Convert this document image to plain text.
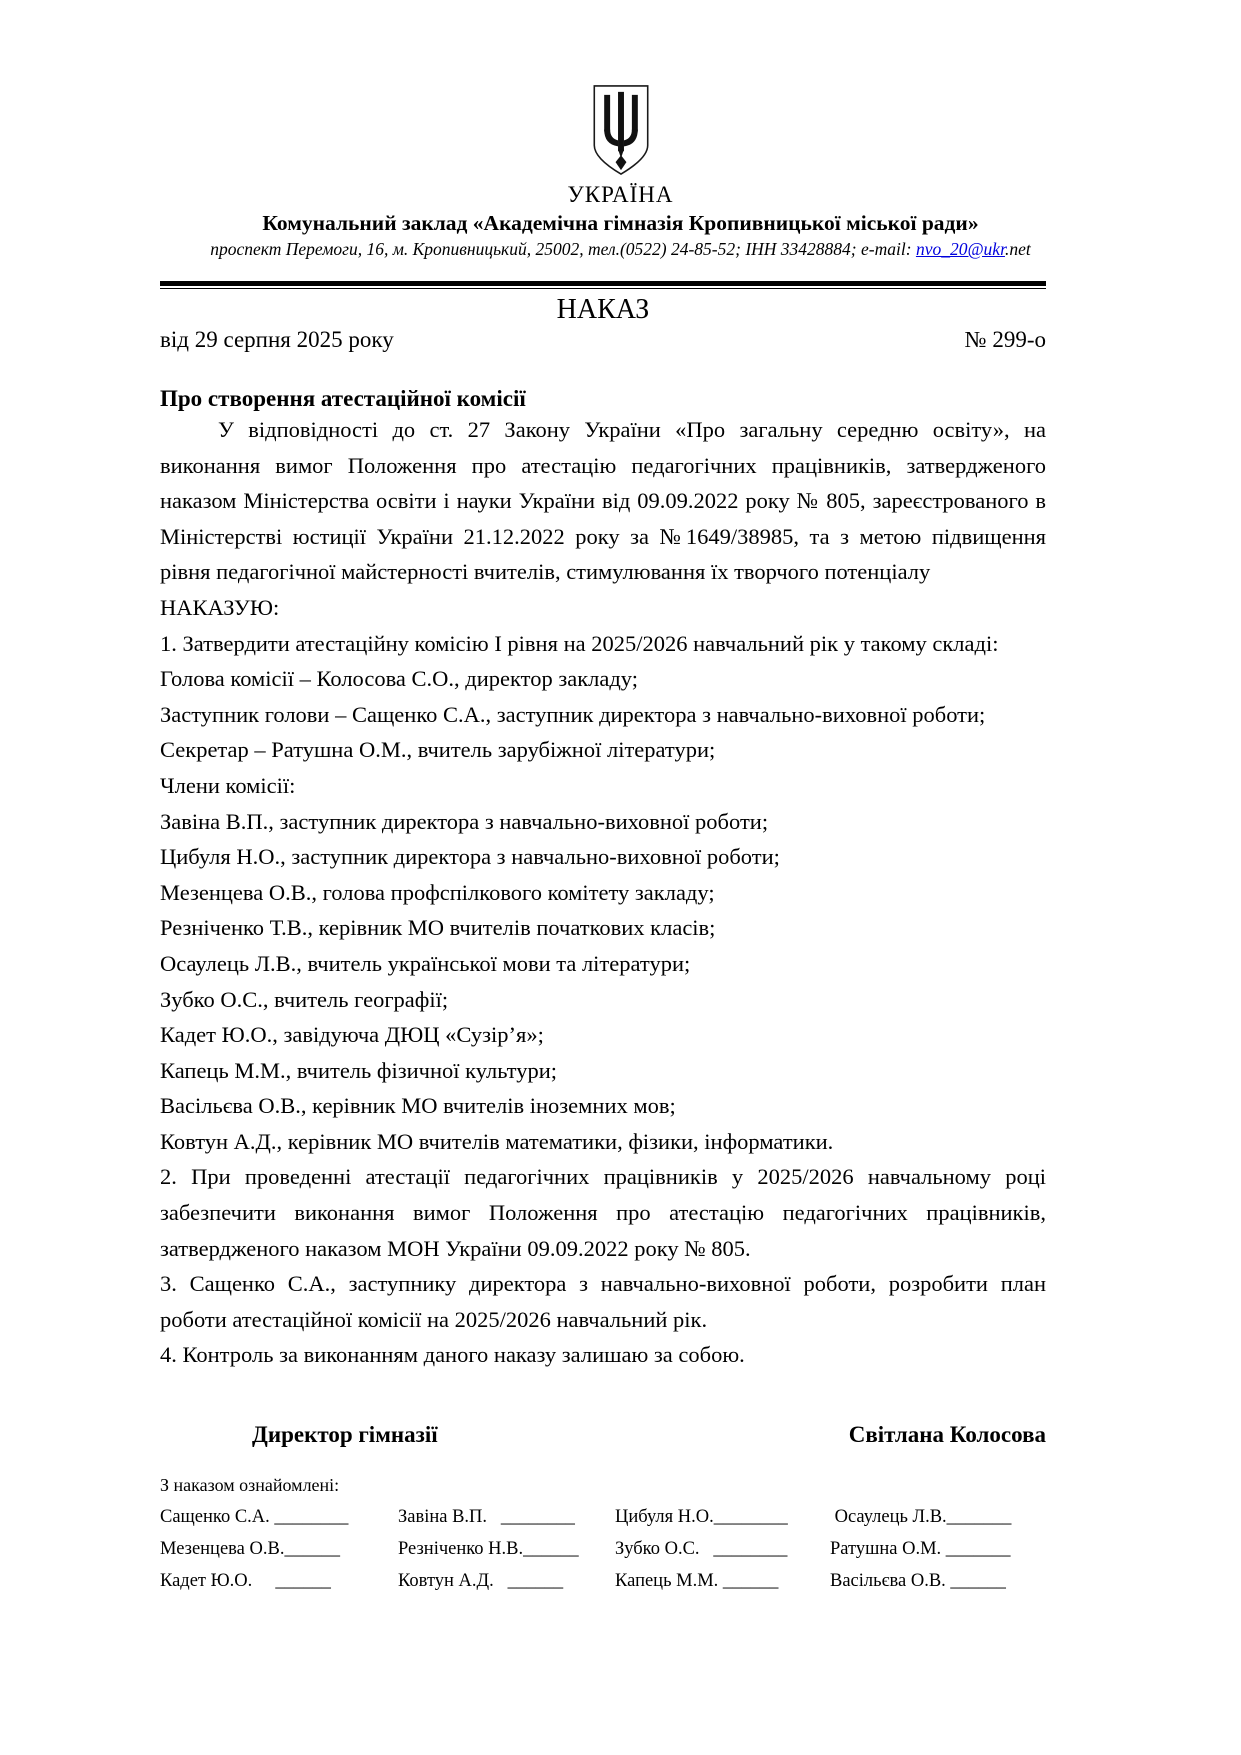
УКРАЇНА
Комунальний заклад «Академічна гімназія Кропивницької міської ради»
проспект Перемоги, 16, м. Кропивницький, 25002, тел.(0522) 24-85-52; ІНН 33428884; e-mail: nvo_20@ukr.net
НАКАЗ
від 29 серпня 2025 року	№ 299-о
Про створення атестаційної комісії

У відповідності до ст. 27 Закону України «Про загальну середню освіту», на виконання вимог Положення про атестацію педагогічних працівників, затвердженого наказом Міністерства освіти і науки України від 09.09.2022 року № 805, зареєстрованого в Міністерстві юстиції України 21.12.2022 року за №1649/38985, та з метою підвищення рівня педагогічної майстерності вчителів, стимулювання їх творчого потенціалу

НАКАЗУЮ:

1. Затвердити атестаційну комісію І рівня на 2025/2026 навчальний рік у такому складі:

Голова комісії – Колосова С.О., директор закладу;

Заступник голови – Сащенко С.А., заступник директора з навчально-виховної роботи;

Секретар – Ратушна О.М., вчитель зарубіжної літератури;

Члени комісії:

Завіна В.П., заступник директора з навчально-виховної роботи;

Цибуля Н.О., заступник директора з навчально-виховної роботи;

Мезенцева О.В., голова профспілкового комітету закладу;

Резніченко Т.В., керівник МО вчителів початкових класів;

Осаулець Л.В., вчитель української мови та літератури;

Зубко О.С., вчитель географії;

Кадет Ю.О., завідуюча ДЮЦ «Сузір’я»;

Капець М.М., вчитель фізичної культури;

Васільєва О.В., керівник МО вчителів іноземних мов;

Ковтун А.Д., керівник МО вчителів математики, фізики, інформатики.

2. При проведенні атестації педагогічних працівників у 2025/2026 навчальному році забезпечити виконання вимог Положення про атестацію педагогічних працівників, затвердженого наказом МОН України 09.09.2022 року № 805.

3. Сащенко С.А., заступнику директора з навчально-виховної роботи, розробити план роботи атестаційної комісії на 2025/2026 навчальний рік.

4. Контроль за виконанням даного наказу залишаю за собою.

Директор гімназії	Світлана Колосова
З наказом ознайомлені:
Сащенко С.А. ________	Завіна В.П.   ________	Цибуля Н.О.________	Осаулець Л.В._______
Мезенцева О.В.______	Резніченко Н.В.______	Зубко О.С.   ________	Ратушна О.М. _______
Кадет Ю.О.     ______	Ковтун А.Д.   ______	Капець М.М. ______	Васільєва О.В. ______
